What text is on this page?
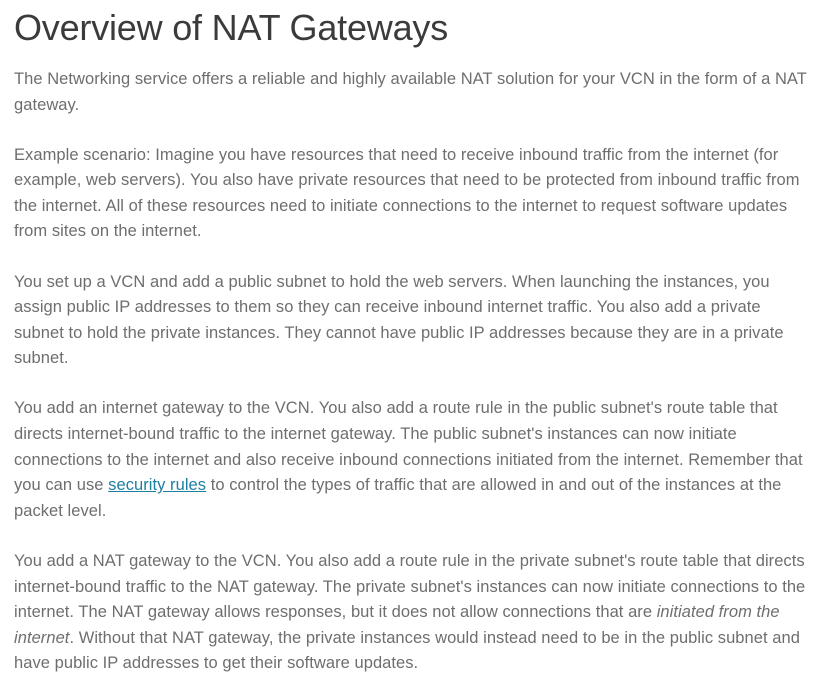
Overview of NAT Gateways

The Networking service offers a reliable and highly available NAT solution for your VCN in the form of a NAT gateway.

Example scenario: Imagine you have resources that need to receive inbound traffic from the internet (for example, web servers). You also have private resources that need to be protected from inbound traffic from the internet. All of these resources need to initiate connections to the internet to request software updates from sites on the internet.

You set up a VCN and add a public subnet to hold the web servers. When launching the instances, you assign public IP addresses to them so they can receive inbound internet traffic. You also add a private subnet to hold the private instances. They cannot have public IP addresses because they are in a private subnet.

You add an internet gateway to the VCN. You also add a route rule in the public subnet's route table that directs internet-bound traffic to the internet gateway. The public subnet's instances can now initiate connections to the internet and also receive inbound connections initiated from the internet. Remember that you can use security rules to control the types of traffic that are allowed in and out of the instances at the packet level.

You add a NAT gateway to the VCN. You also add a route rule in the private subnet's route table that directs internet-bound traffic to the NAT gateway. The private subnet's instances can now initiate connections to the internet. The NAT gateway allows responses, but it does not allow connections that are initiated from the internet. Without that NAT gateway, the private instances would instead need to be in the public subnet and have public IP addresses to get their software updates.
